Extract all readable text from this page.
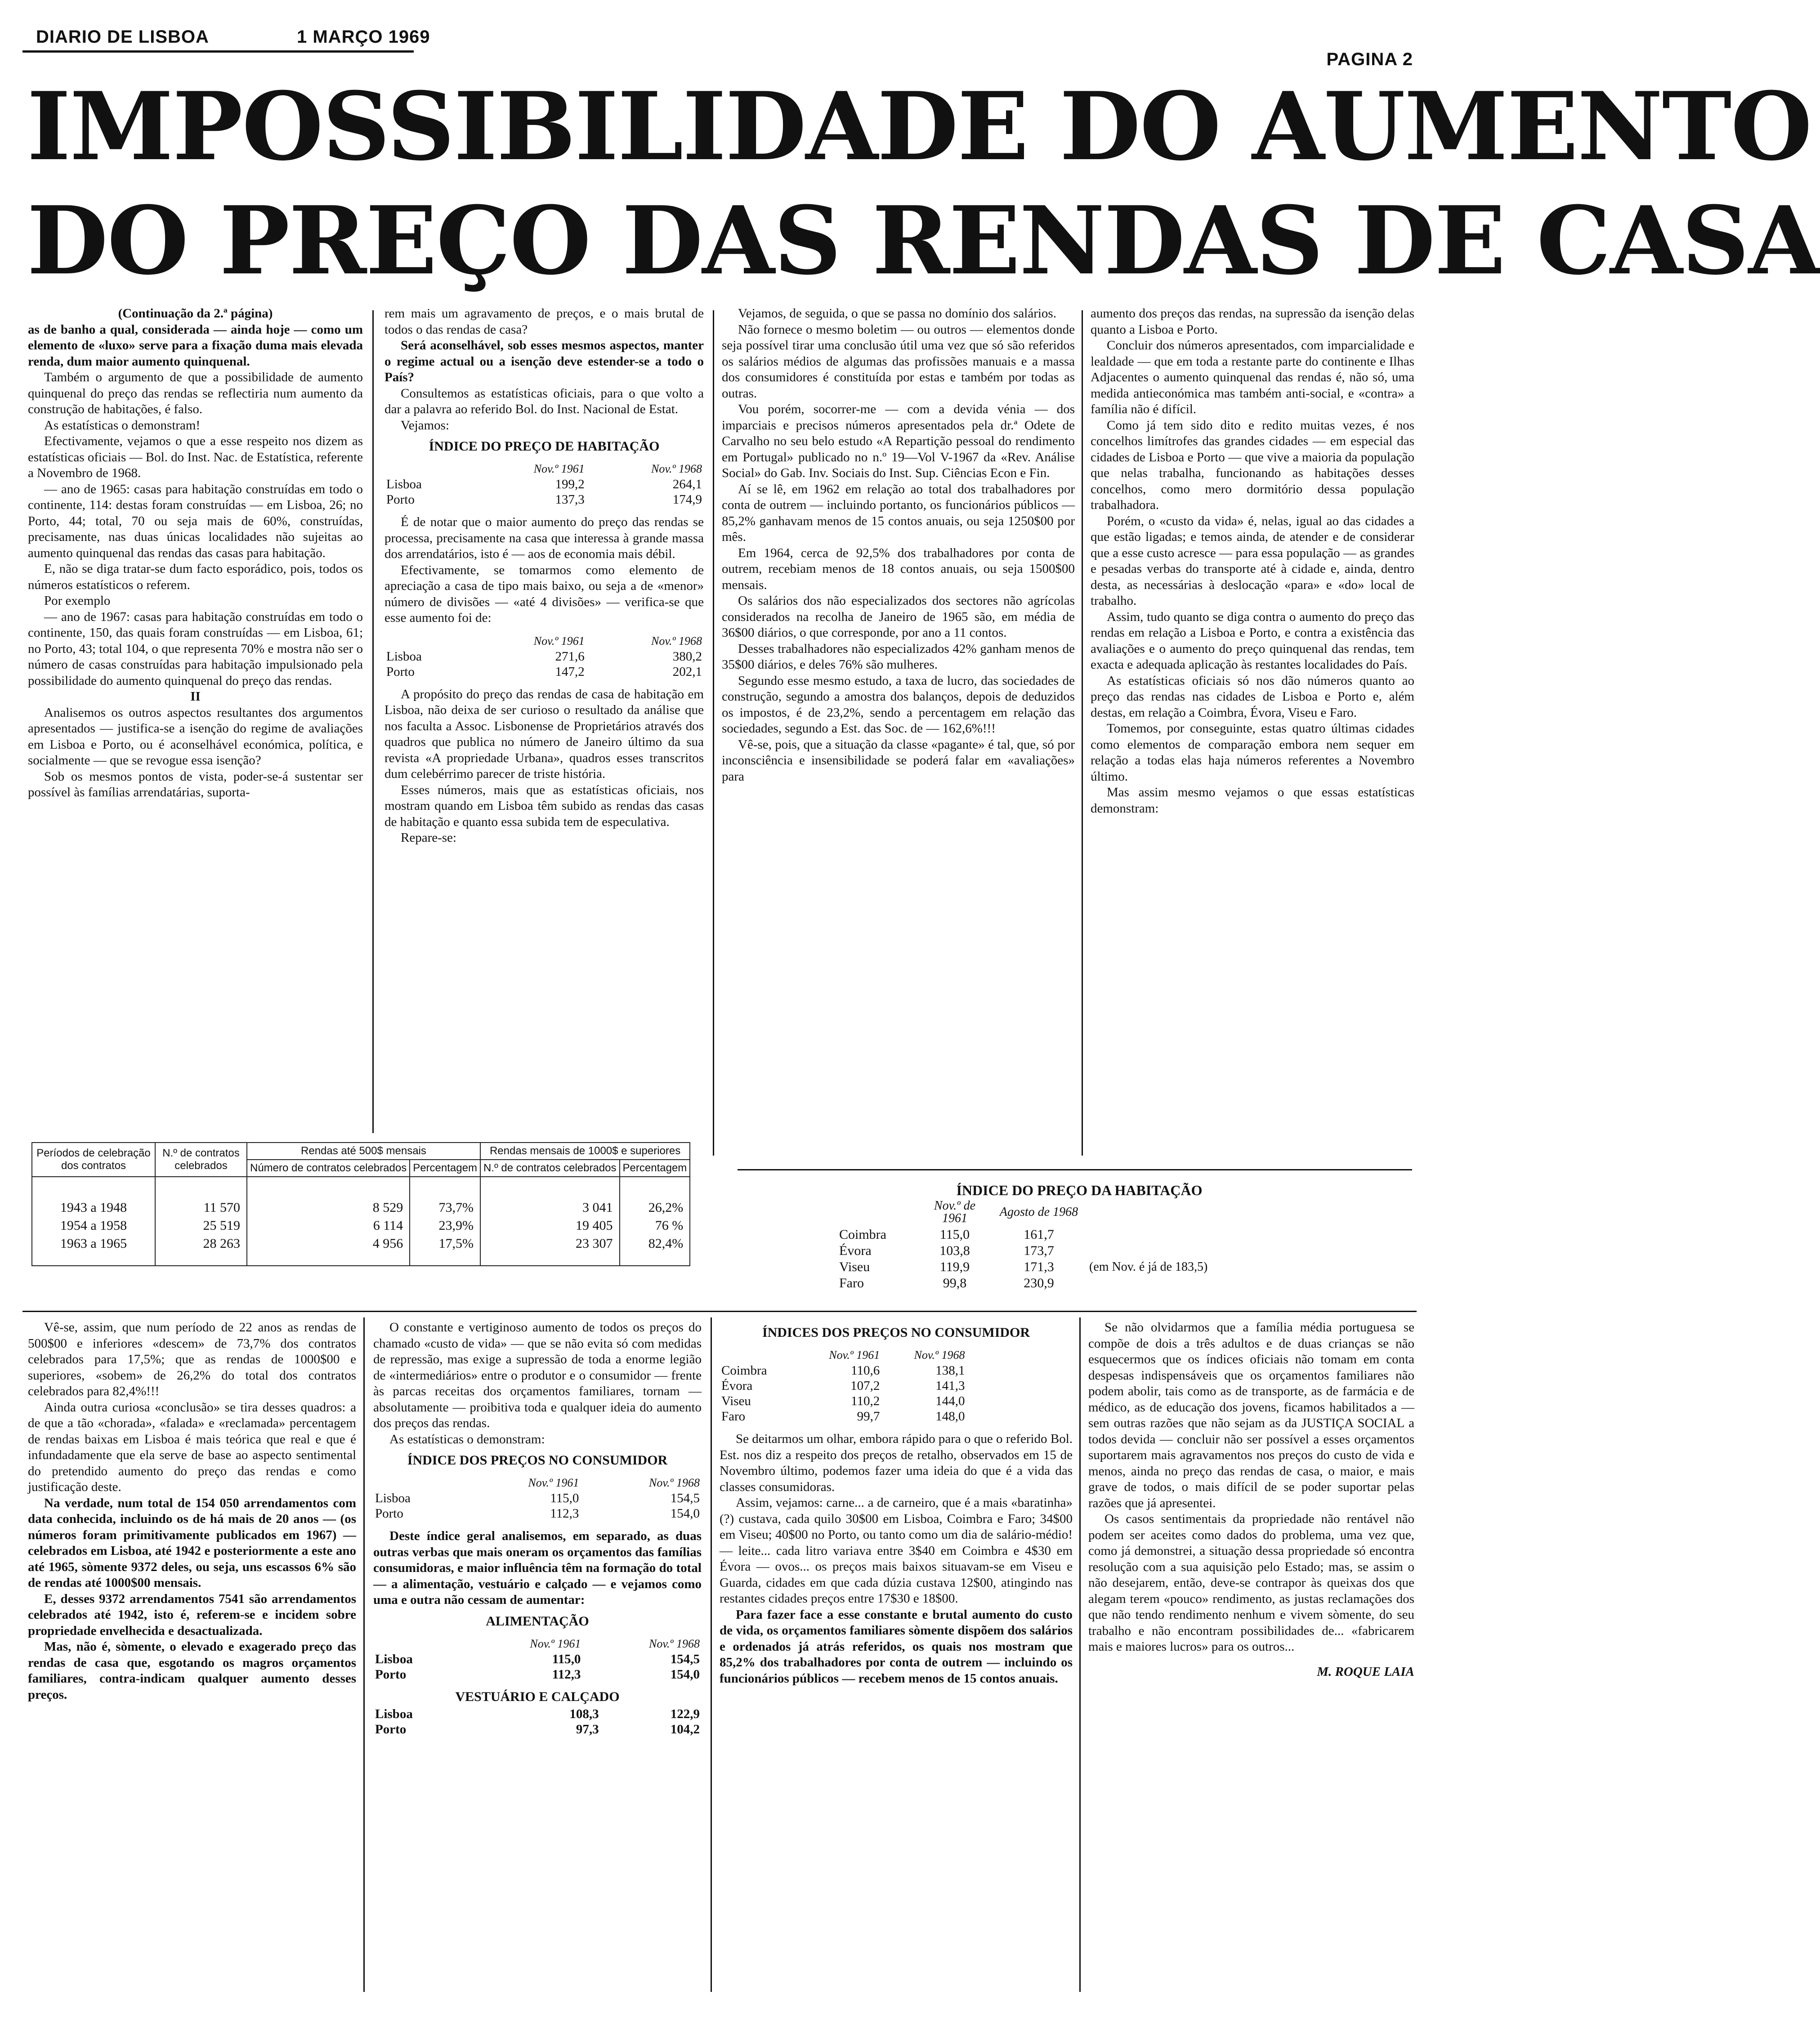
DIARIO DE LISBOA	1 MARÇO 1969
PAGINA 2
IMPOSSIBILIDADE DO AUMENTO
DO PREÇO DAS RENDAS DE CASA

(Continuação da 2.ª página)

as de banho a qual, considerada — ainda hoje — como um elemento de «luxo» serve para a fixação duma mais elevada renda, dum maior aumento quinquenal.

Também o argumento de que a possibilidade de aumento quinquenal do preço das rendas se reflectiria num aumento da construção de habitações, é falso.

As estatísticas o demonstram!

Efectivamente, vejamos o que a esse respeito nos dizem as estatísticas oficiais — Bol. do Inst. Nac. de Estatística, referente a Novembro de 1968.

— ano de 1965: casas para habitação construídas em todo o continente, 114: destas foram construídas — em Lisboa, 26; no Porto, 44; total, 70 ou seja mais de 60%, construídas, precisamente, nas duas únicas localidades não sujeitas ao aumento quinquenal das rendas das casas para habitação.

E, não se diga tratar-se dum facto esporádico, pois, todos os números estatísticos o referem.

Por exemplo

— ano de 1967: casas para habitação construídas em todo o continente, 150, das quais foram construídas — em Lisboa, 61; no Porto, 43; total 104, o que representa 70% e mostra não ser o número de casas construídas para habitação impulsionado pela possibilidade do aumento quinquenal do preço das rendas.

II

Analisemos os outros aspectos resultantes dos argumentos apresentados — justifica-se a isenção do regime de avaliações em Lisboa e Porto, ou é aconselhável económica, política, e socialmente — que se revogue essa isenção?

Sob os mesmos pontos de vista, poder-se-á sustentar ser possível às famílias arrendatárias, suporta-

rem mais um agravamento de preços, e o mais brutal de todos o das rendas de casa?

Será aconselhável, sob esses mesmos aspectos, manter o regime actual ou a isenção deve estender-se a todo o País?

Consultemos as estatísticas oficiais, para o que volto a dar a palavra ao referido Bol. do Inst. Nacional de Estat.

Vejamos:

ÍNDICE DO PREÇO DE HABITAÇÃO
	Nov.º 1961	Nov.º 1968
Lisboa	199,2	264,1
Porto	137,3	174,9

É de notar que o maior aumento do preço das rendas se processa, precisamente na casa que interessa à grande massa dos arrendatários, isto é — aos de economia mais débil.

Efectivamente, se tomarmos como elemento de apreciação a casa de tipo mais baixo, ou seja a de «menor» número de divisões — «até 4 divisões» — verifica-se que esse aumento foi de:

	Nov.º 1961	Nov.º 1968
Lisboa	271,6	380,2
Porto	147,2	202,1

A propósito do preço das rendas de casa de habitação em Lisboa, não deixa de ser curioso o resultado da análise que nos faculta a Assoc. Lisbonense de Proprietários através dos quadros que publica no número de Janeiro último da sua revista «A propriedade Urbana», quadros esses transcritos dum celebérrimo parecer de triste história.

Esses números, mais que as estatísticas oficiais, nos mostram quando em Lisboa têm subido as rendas das casas de habitação e quanto essa subida tem de especulativa.

Repare-se:

Vejamos, de seguida, o que se passa no domínio dos salários.

Não fornece o mesmo boletim — ou outros — elementos donde seja possível tirar uma conclusão útil uma vez que só são referidos os salários médios de algumas das profissões manuais e a massa dos consumidores é constituída por estas e também por todas as outras.

Vou porém, socorrer-me — com a devida vénia — dos imparciais e precisos números apresentados pela dr.ª Odete de Carvalho no seu belo estudo «A Repartição pessoal do rendimento em Portugal» publicado no n.º 19—Vol V-1967 da «Rev. Análise Social» do Gab. Inv. Sociais do Inst. Sup. Ciências Econ e Fin.

Aí se lê, em 1962 em relação ao total dos trabalhadores por conta de outrem — incluindo portanto, os funcionários públicos — 85,2% ganhavam menos de 15 contos anuais, ou seja 1250$00 por mês.

Em 1964, cerca de 92,5% dos trabalhadores por conta de outrem, recebiam menos de 18 contos anuais, ou seja 1500$00 mensais.

Os salários dos não especializados dos sectores não agrícolas considerados na recolha de Janeiro de 1965 são, em média de 36$00 diários, o que corresponde, por ano a 11 contos.

Desses trabalhadores não especializados 42% ganham menos de 35$00 diários, e deles 76% são mulheres.

Segundo esse mesmo estudo, a taxa de lucro, das sociedades de construção, segundo a amostra dos balanços, depois de deduzidos os impostos, é de 23,2%, sendo a percentagem em relação das sociedades, segundo a Est. das Soc. de — 162,6%!!!

Vê-se, pois, que a situação da classe «pagante» é tal, que, só por inconsciência e insensibilidade se poderá falar em «avaliações» para

aumento dos preços das rendas, na supressão da isenção delas quanto a Lisboa e Porto.

Concluir dos números apresentados, com imparcialidade e lealdade — que em toda a restante parte do continente e Ilhas Adjacentes o aumento quinquenal das rendas é, não só, uma medida antieconómica mas também anti-social, e «contra» a família não é difícil.

Como já tem sido dito e redito muitas vezes, é nos concelhos limítrofes das grandes cidades — em especial das cidades de Lisboa e Porto — que vive a maioria da população que nelas trabalha, funcionando as habitações desses concelhos, como mero dormitório dessa população trabalhadora.

Porém, o «custo da vida» é, nelas, igual ao das cidades a que estão ligadas; e temos ainda, de atender e de considerar que a esse custo acresce — para essa população — as grandes e pesadas verbas do transporte até à cidade e, ainda, dentro desta, as necessárias à deslocação «para» e «do» local de trabalho.

Assim, tudo quanto se diga contra o aumento do preço das rendas em relação a Lisboa e Porto, e contra a existência das avaliações e o aumento do preço quinquenal das rendas, tem exacta e adequada aplicação às restantes localidades do País.

As estatísticas oficiais só nos dão números quanto ao preço das rendas nas cidades de Lisboa e Porto e, além destas, em relação a Coimbra, Évora, Viseu e Faro.

Tomemos, por conseguinte, estas quatro últimas cidades como elementos de comparação embora nem sequer em relação a todas elas haja números referentes a Novembro último.

Mas assim mesmo vejamos o que essas estatísticas demonstram:

Períodos de celebração dos contratos	N.º de contratos celebrados	Rendas até 500$ mensais		Rendas mensais de 1000$ e superiores	
		Número de contratos celebrados	Percentagem	N.º de contratos celebrados	Percentagem
1943 a 1948	11 570	8 529	73,7%	3 041	26,2%
1954 a 1958	25 519	6 114	23,9%	19 405	76 %
1963 a 1965	28 263	4 956	17,5%	23 307	82,4%
ÍNDICE DO PREÇO DA HABITAÇÃO
	Nov.º de 1961	Agosto de 1968	
Coimbra	115,0	161,7	
Évora	103,8	173,7	
Viseu	119,9	171,3	(em Nov. é já de 183,5)
Faro	99,8	230,9	

Vê-se, assim, que num período de 22 anos as rendas de 500$00 e inferiores «descem» de 73,7% dos contratos celebrados para 17,5%; que as rendas de 1000$00 e superiores, «sobem» de 26,2% do total dos contratos celebrados para 82,4%!!!

Ainda outra curiosa «conclusão» se tira desses quadros: a de que a tão «chorada», «falada» e «reclamada» percentagem de rendas baixas em Lisboa é mais teórica que real e que é infundadamente que ela serve de base ao aspecto sentimental do pretendido aumento do preço das rendas e como justificação deste.

Na verdade, num total de 154 050 arrendamentos com data conhecida, incluindo os de há mais de 20 anos — (os números foram primitivamente publicados em 1967) — celebrados em Lisboa, até 1942 e posteriormente a este ano até 1965, sòmente 9372 deles, ou seja, uns escassos 6% são de rendas até 1000$00 mensais.

E, desses 9372 arrendamentos 7541 são arrendamentos celebrados até 1942, isto é, referem-se e incidem sobre propriedade envelhecida e desactualizada.

Mas, não é, sòmente, o elevado e exagerado preço das rendas de casa que, esgotando os magros orçamentos familiares, contra-indicam qualquer aumento desses preços.

O constante e vertiginoso aumento de todos os preços do chamado «custo de vida» — que se não evita só com medidas de repressão, mas exige a supressão de toda a enorme legião de «intermediários» entre o produtor e o consumidor — frente às parcas receitas dos orçamentos familiares, tornam — absolutamente — proibitiva toda e qualquer ideia do aumento dos preços das rendas.

As estatísticas o demonstram:

ÍNDICE DOS PREÇOS NO CONSUMIDOR
	Nov.º 1961	Nov.º 1968
Lisboa	115,0	154,5
Porto	112,3	154,0

Deste índice geral analisemos, em separado, as duas outras verbas que mais oneram os orçamentos das famílias consumidoras, e maior influência têm na formação do total — a alimentação, vestuário e calçado — e vejamos como uma e outra não cessam de aumentar:

ALIMENTAÇÃO
	Nov.º 1961	Nov.º 1968
Lisboa	115,0	154,5
Porto	112,3	154,0
VESTUÁRIO E CALÇADO
Lisboa	108,3	122,9
Porto	97,3	104,2
ÍNDICES DOS PREÇOS NO CONSUMIDOR
	Nov.º 1961	Nov.º 1968
Coimbra	110,6	138,1
Évora	107,2	141,3
Viseu	110,2	144,0
Faro	99,7	148,0

Se deitarmos um olhar, embora rápido para o que o referido Bol. Est. nos diz a respeito dos preços de retalho, observados em 15 de Novembro último, podemos fazer uma ideia do que é a vida das classes consumidoras.

Assim, vejamos: carne... a de carneiro, que é a mais «baratinha» (?) custava, cada quilo 30$00 em Lisboa, Coimbra e Faro; 34$00 em Viseu; 40$00 no Porto, ou tanto como um dia de salário-médio! — leite... cada litro variava entre 3$40 em Coimbra e 4$30 em Évora — ovos... os preços mais baixos situavam-se em Viseu e Guarda, cidades em que cada dúzia custava 12$00, atingindo nas restantes cidades preços entre 17$30 e 18$00.

Para fazer face a esse constante e brutal aumento do custo de vida, os orçamentos familiares sòmente dispõem dos salários e ordenados já atrás referidos, os quais nos mostram que 85,2% dos trabalhadores por conta de outrem — incluindo os funcionários públicos — recebem menos de 15 contos anuais.

Se não olvidarmos que a família média portuguesa se compõe de dois a três adultos e de duas crianças se não esquecermos que os índices oficiais não tomam em conta despesas indispensáveis que os orçamentos familiares não podem abolir, tais como as de transporte, as de farmácia e de médico, as de educação dos jovens, ficamos habilitados a — sem outras razões que não sejam as da JUSTIÇA SOCIAL a todos devida — concluir não ser possível a esses orçamentos suportarem mais agravamentos nos preços do custo de vida e menos, ainda no preço das rendas de casa, o maior, e mais grave de todos, o mais difícil de se poder suportar pelas razões que já apresentei.

Os casos sentimentais da propriedade não rentável não podem ser aceites como dados do problema, uma vez que, como já demonstrei, a situação dessa propriedade só encontra resolução com a sua aquisição pelo Estado; mas, se assim o não desejarem, então, deve-se contrapor às queixas dos que alegam terem «pouco» rendimento, as justas reclamações dos que não tendo rendimento nenhum e vivem sòmente, do seu trabalho e não encontram possibilidades de... «fabricarem mais e maiores lucros» para os outros...

M. ROQUE LAIA
